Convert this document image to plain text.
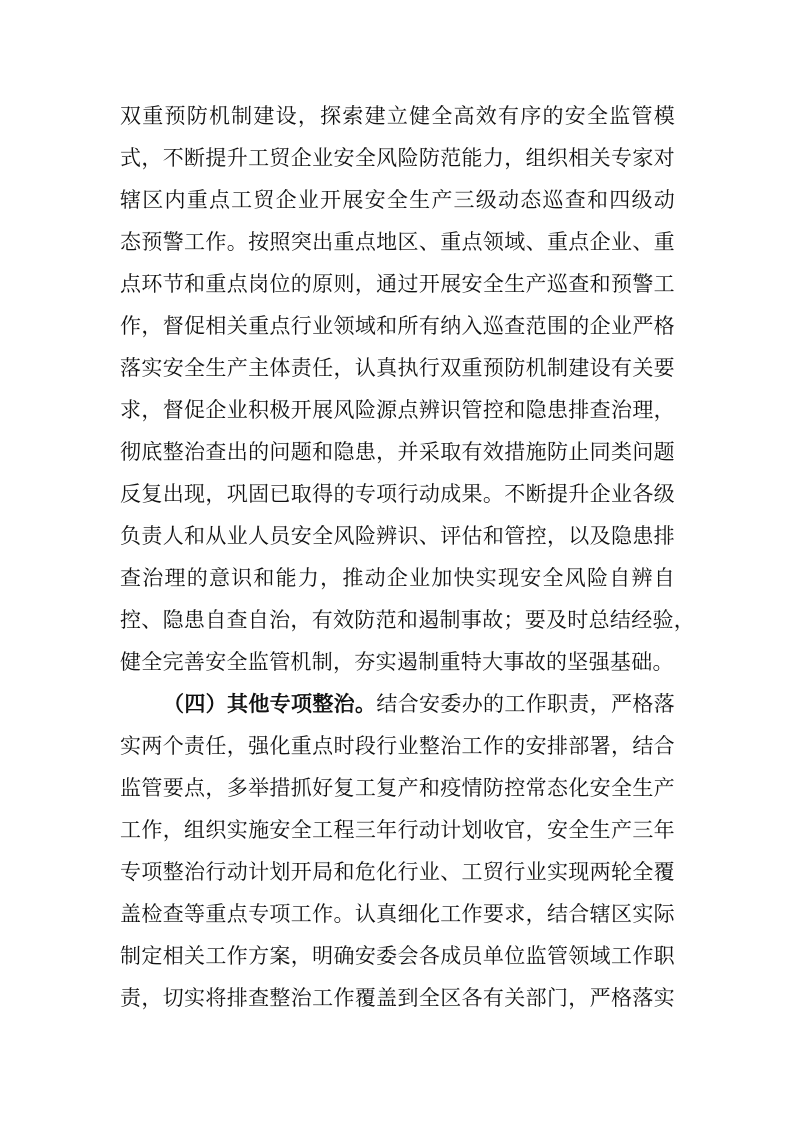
双重预防机制建设，探索建立健全高效有序的安全监管模
式，不断提升工贸企业安全风险防范能力，组织相关专家对
辖区内重点工贸企业开展安全生产三级动态巡查和四级动
态预警工作。按照突出重点地区、重点领域、重点企业、重
点环节和重点岗位的原则，通过开展安全生产巡查和预警工
作，督促相关重点行业领域和所有纳入巡查范围的企业严格
落实安全生产主体责任，认真执行双重预防机制建设有关要
求，督促企业积极开展风险源点辨识管控和隐患排查治理，
彻底整治查出的问题和隐患，并采取有效措施防止同类问题
反复出现，巩固已取得的专项行动成果。不断提升企业各级
负责人和从业人员安全风险辨识、评估和管控，以及隐患排
查治理的意识和能力，推动企业加快实现安全风险自辨自
控、隐患自查自治，有效防范和遏制事故；要及时总结经验，
健全完善安全监管机制，夯实遏制重特大事故的坚强基础。
（四）其他专项整治。结合安委办的工作职责，严格落
实两个责任，强化重点时段行业整治工作的安排部署，结合
监管要点，多举措抓好复工复产和疫情防控常态化安全生产
工作，组织实施安全工程三年行动计划收官，安全生产三年
专项整治行动计划开局和危化行业、工贸行业实现两轮全覆
盖检查等重点专项工作。认真细化工作要求，结合辖区实际
制定相关工作方案，明确安委会各成员单位监管领域工作职
责，切实将排查整治工作覆盖到全区各有关部门，严格落实
